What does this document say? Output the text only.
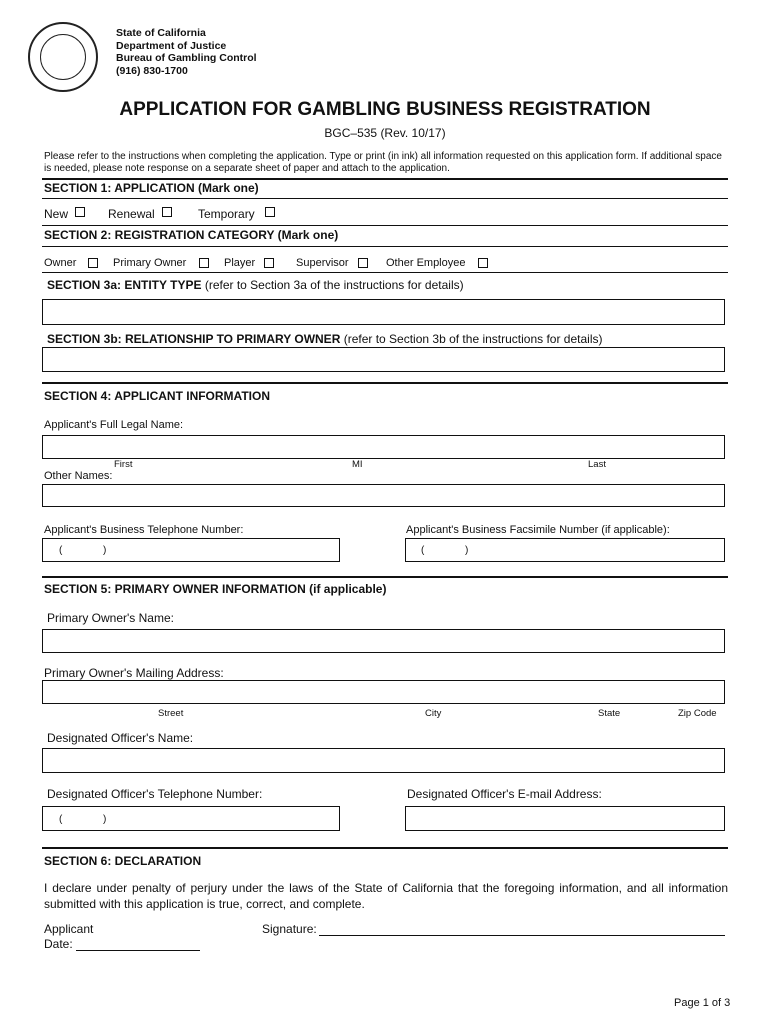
State of California
Department of Justice
Bureau of Gambling Control
(916) 830-1700
APPLICATION FOR GAMBLING BUSINESS REGISTRATION
BGC–535 (Rev. 10/17)
Please refer to the instructions when completing the application. Type or print (in ink) all information requested on this application form. If additional space is needed, please note response on a separate sheet of paper and attach to the application.
SECTION 1: APPLICATION (Mark one)
New	Renewal	Temporary
SECTION 2: REGISTRATION CATEGORY (Mark one)
Owner	Primary Owner	Player	Supervisor	Other Employee
SECTION 3a: ENTITY TYPE (refer to Section 3a of the instructions for details)
SECTION 3b: RELATIONSHIP TO PRIMARY OWNER (refer to Section 3b of the instructions for details)
SECTION 4: APPLICANT INFORMATION
Applicant's Full Legal Name:
First	MI	Last
Other Names:
Applicant's Business Telephone Number:
(	)
Applicant's Business Facsimile Number (if applicable):
(	)
SECTION 5: PRIMARY OWNER INFORMATION (if applicable)
Primary Owner's Name:
Primary Owner's Mailing Address:
Street	City	State	Zip Code
Designated Officer's Name:
Designated Officer's Telephone Number:
(	)
Designated Officer's E-mail Address:
SECTION 6: DECLARATION
I declare under penalty of perjury under the laws of the State of California that the foregoing information, and all information submitted with this application is true, correct, and complete.
Applicant	Signature:
Date:
Page 1 of 3
